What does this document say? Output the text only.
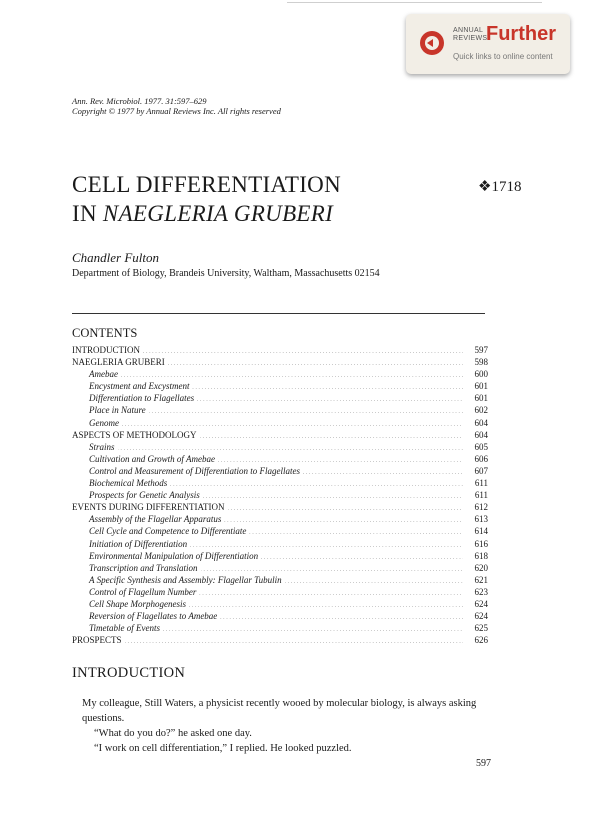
ANNUAL REVIEWS
Further
Quick links to online content
Ann. Rev. Microbiol. 1977. 31:597–629
Copyright © 1977 by Annual Reviews Inc. All rights reserved
CELL DIFFERENTIATION
IN NAEGLERIA GRUBERI
❖1718
Chandler Fulton
Department of Biology, Brandeis University, Waltham, Massachusetts 02154
CONTENTS
INTRODUCTION . . .	597
NAEGLERIA GRUBERI . . .	598
Amebae . . .	600
Encystment and Excystment . . .	601
Differentiation to Flagellates . . .	601
Place in Nature . . .	602
Genome . . .	604
ASPECTS OF METHODOLOGY . . .	604
Strains . . .	605
Cultivation and Growth of Amebae . . .	606
Control and Measurement of Differentiation to Flagellates . . .	607
Biochemical Methods . . .	611
Prospects for Genetic Analysis . . .	611
EVENTS DURING DIFFERENTIATION . . .	612
Assembly of the Flagellar Apparatus . . .	613
Cell Cycle and Competence to Differentiate . . .	614
Initiation of Differentiation . . .	616
Environmental Manipulation of Differentiation . . .	618
Transcription and Translation . . .	620
A Specific Synthesis and Assembly: Flagellar Tubulin . . .	621
Control of Flagellum Number . . .	623
Cell Shape Morphogenesis . . .	624
Reversion of Flagellates to Amebae . . .	624
Timetable of Events . . .	625
PROSPECTS . . .	626
INTRODUCTION

My colleague, Still Waters, a physicist recently wooed by molecular biology, is always asking questions.

“What do you do?” he asked one day.

“I work on cell differentiation,” I replied. He looked puzzled.

597
